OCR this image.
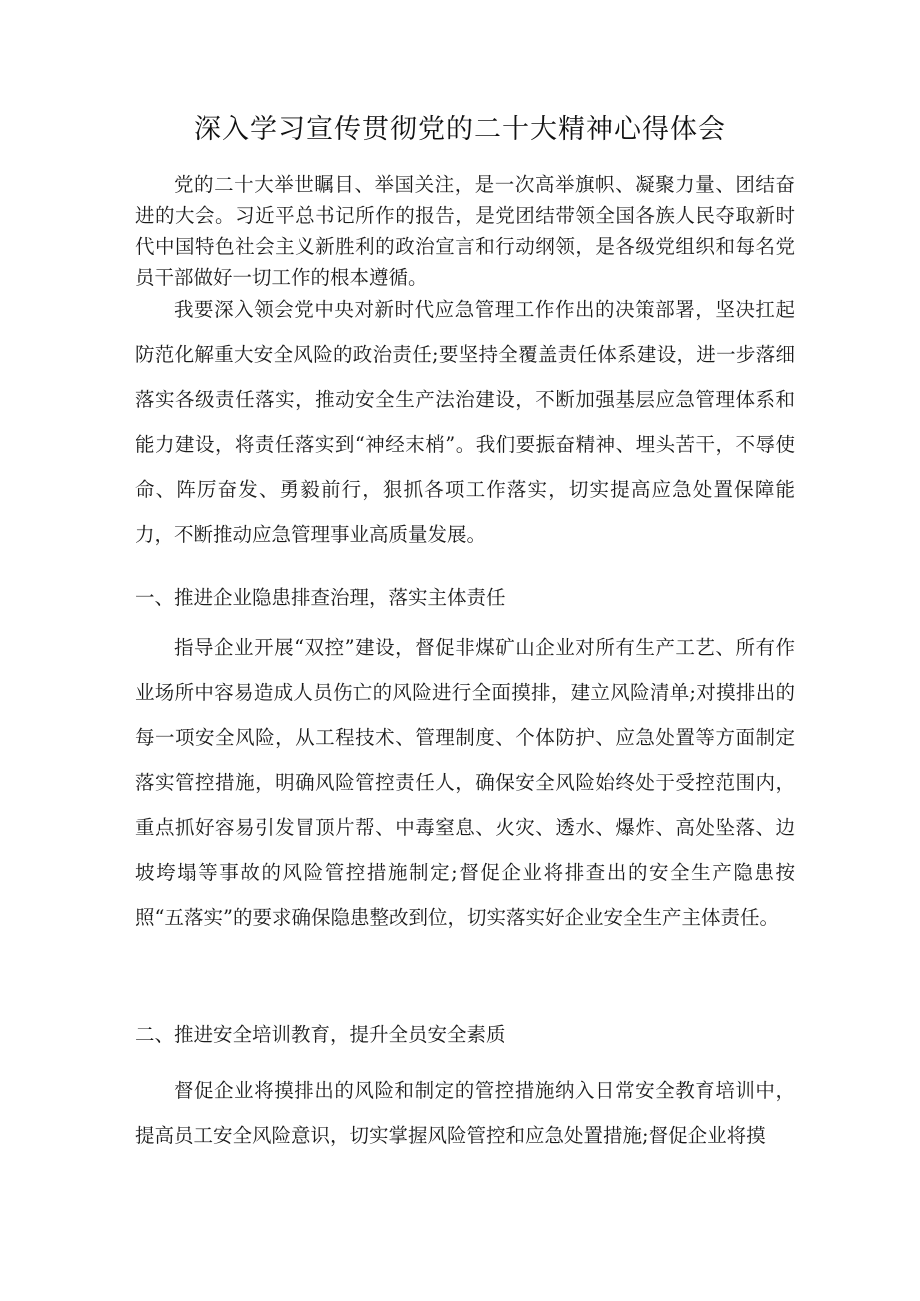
深入学习宣传贯彻党的二十大精神心得体会

党的二十大举世瞩目、举国关注，是一次高举旗帜、凝聚力量、团结奋进的大会。习近平总书记所作的报告，是党团结带领全国各族人民夺取新时代中国特色社会主义新胜利的政治宣言和行动纲领，是各级党组织和每名党员干部做好一切工作的根本遵循。

我要深入领会党中央对新时代应急管理工作作出的决策部署，坚决扛起防范化解重大安全风险的政治责任;要坚持全覆盖责任体系建设，进一步落细落实各级责任落实，推动安全生产法治建设，不断加强基层应急管理体系和能力建设，将责任落实到“神经末梢”。我们要振奋精神、埋头苦干，不辱使命、阵厉奋发、勇毅前行，狠抓各项工作落实，切实提高应急处置保障能力，不断推动应急管理事业高质量发展。

一、推进企业隐患排查治理，落实主体责任

指导企业开展“双控”建设，督促非煤矿山企业对所有生产工艺、所有作业场所中容易造成人员伤亡的风险进行全面摸排，建立风险清单;对摸排出的每一项安全风险，从工程技术、管理制度、个体防护、应急处置等方面制定落实管控措施，明确风险管控责任人，确保安全风险始终处于受控范围内，重点抓好容易引发冒顶片帮、中毒窒息、火灾、透水、爆炸、高处坠落、边坡垮塌等事故的风险管控措施制定;督促企业将排查出的安全生产隐患按照“五落实”的要求确保隐患整改到位，切实落实好企业安全生产主体责任。

二、推进安全培训教育，提升全员安全素质

督促企业将摸排出的风险和制定的管控措施纳入日常安全教育培训中，提高员工安全风险意识，切实掌握风险管控和应急处置措施;督促企业将摸
